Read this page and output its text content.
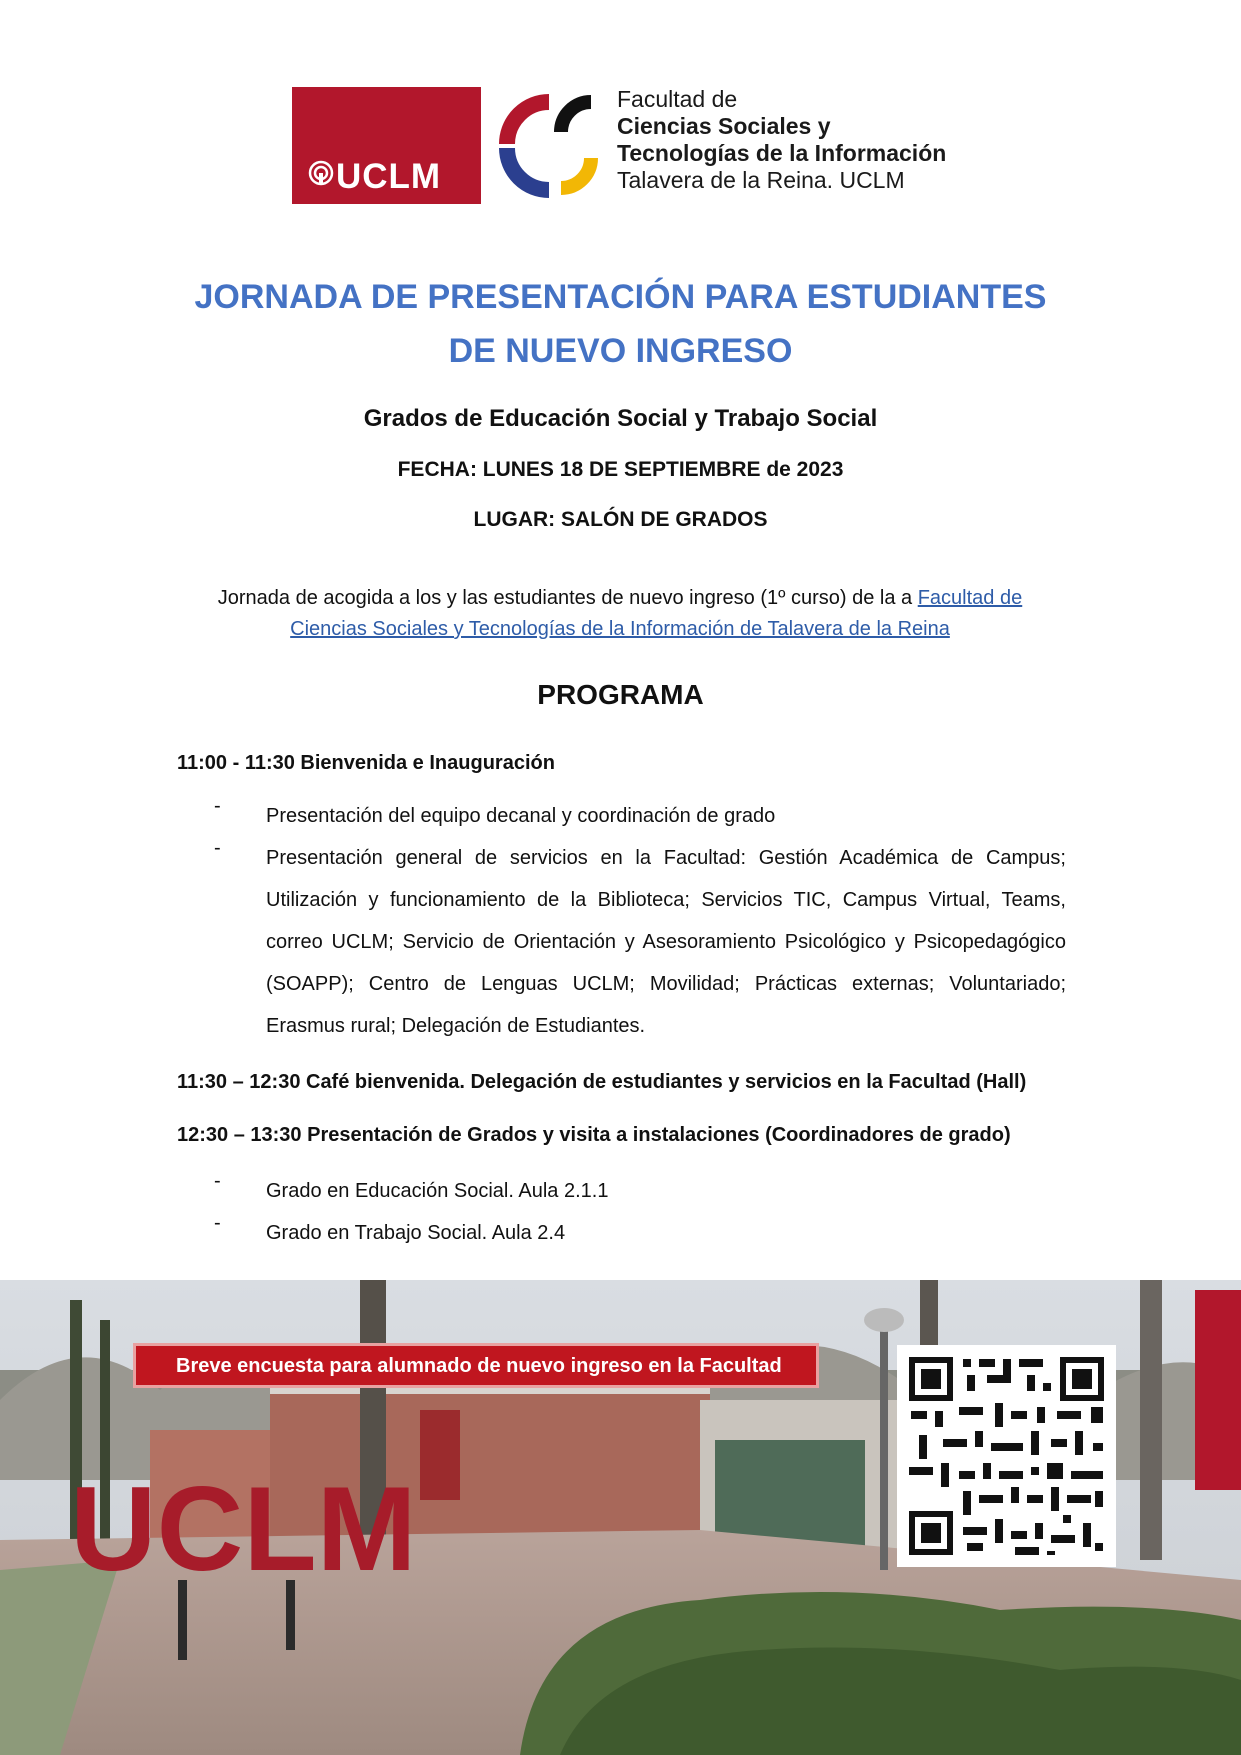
UCLM
Facultad de
Ciencias Sociales y
Tecnologías de la Información
Talavera de la Reina. UCLM
JORNADA DE PRESENTACIÓN PARA ESTUDIANTES
DE NUEVO INGRESO
Grados de Educación Social y Trabajo Social
FECHA: LUNES 18 DE SEPTIEMBRE de 2023
LUGAR: SALÓN DE GRADOS
Jornada de acogida a los y las estudiantes de nuevo ingreso (1º curso) de la a Facultad de
Ciencias Sociales y Tecnologías de la Información de Talavera de la Reina
PROGRAMA
11:00 - 11:30 Bienvenida e Inauguración
-	Presentación del equipo decanal y coordinación de grado
-	Presentación general de servicios en la Facultad: Gestión Académica de Campus; Utilización y funcionamiento de la Biblioteca; Servicios TIC, Campus Virtual, Teams, correo UCLM; Servicio de Orientación y Asesoramiento Psicológico y Psicopedagógico (SOAPP); Centro de Lenguas UCLM; Movilidad; Prácticas externas; Voluntariado; Erasmus rural; Delegación de Estudiantes.
11:30 – 12:30 Café bienvenida. Delegación de estudiantes y servicios en la Facultad (Hall)
12:30 – 13:30 Presentación de Grados y visita a instalaciones (Coordinadores de grado)
-	Grado en Educación Social. Aula 2.1.1
-	Grado en Trabajo Social. Aula 2.4
UCLM
Breve encuesta para alumnado de nuevo ingreso en la Facultad
